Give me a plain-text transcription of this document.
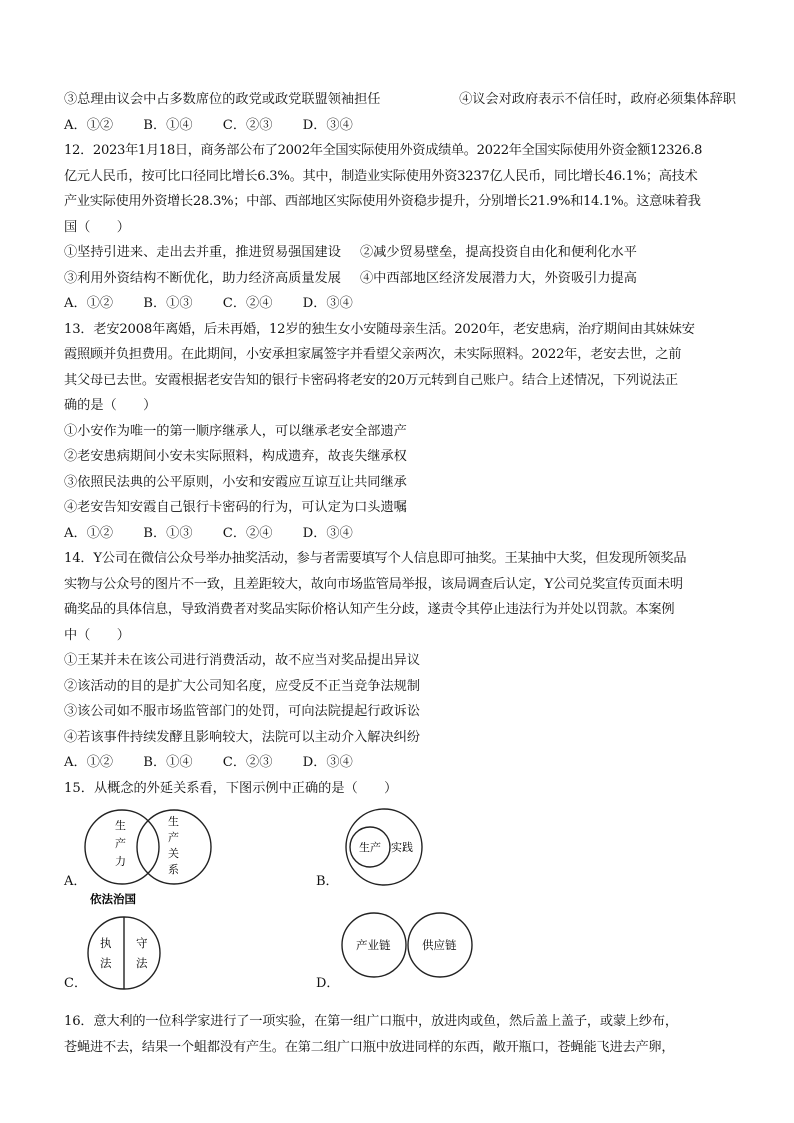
③总理由议会中占多数席位的政党或政党联盟领袖担任	④议会对政府表示不信任时，政府必须集体辞职
A．①② B．①④ C．②③ D．③④
12．2023年1月18日，商务部公布了2002年全国实际使用外资成绩单。2022年全国实际使用外资金额12326.8
亿元人民币，按可比口径同比增长6.3%。其中，制造业实际使用外资3237亿人民币，同比增长46.1%；高技术
产业实际使用外资增长28.3%；中部、西部地区实际使用外资稳步提升，分别增长21.9%和14.1%。这意味着我
国（　　）
①坚持引进来、走出去并重，推进贸易强国建设 ②减少贸易壁垒，提高投资自由化和便利化水平
③利用外资结构不断优化，助力经济高质量发展 ④中西部地区经济发展潜力大，外资吸引力提高
A．①② B．①③ C．②④ D．③④
13．老安2008年离婚，后未再婚，12岁的独生女小安随母亲生活。2020年，老安患病，治疗期间由其妹妹安
霞照顾并负担费用。在此期间，小安承担家属签字并看望父亲两次，未实际照料。2022年，老安去世，之前
其父母已去世。安霞根据老安告知的银行卡密码将老安的20万元转到自己账户。结合上述情况，下列说法正
确的是（　　）
①小安作为唯一的第一顺序继承人，可以继承老安全部遗产
②老安患病期间小安未实际照料，构成遗弃，故丧失继承权
③依照民法典的公平原则，小安和安霞应互谅互让共同继承
④老安告知安霞自己银行卡密码的行为，可认定为口头遗嘱
A．①② B．①③ C．②④ D．③④
14．Y公司在微信公众号举办抽奖活动，参与者需要填写个人信息即可抽奖。王某抽中大奖，但发现所领奖品
实物与公众号的图片不一致，且差距较大，故向市场监管局举报，该局调查后认定，Y公司兑奖宣传页面未明
确奖品的具体信息，导致消费者对奖品实际价格认知产生分歧，遂责令其停止违法行为并处以罚款。本案例
中（　　）
①王某并未在该公司进行消费活动，故不应当对奖品提出异议
②该活动的目的是扩大公司知名度，应受反不正当竞争法规制
③该公司如不服市场监管部门的处罚，可向法院提起行政诉讼
④若该事件持续发酵且影响较大，法院可以主动介入解决纠纷
A．①② B．①④ C．②③ D．③④
15．从概念的外延关系看，下图示例中正确的是（　　）
生
产
力
生
产
关
系
A．
生产 实践
B．
依法治国
执
法
守
法
C．
产业链	供应链
D．
16．意大利的一位科学家进行了一项实验，在第一组广口瓶中，放进肉或鱼，然后盖上盖子，或蒙上纱布，
苍蝇进不去，结果一个蛆都没有产生。在第二组广口瓶中放进同样的东西，敞开瓶口，苍蝇能飞进去产卵，
